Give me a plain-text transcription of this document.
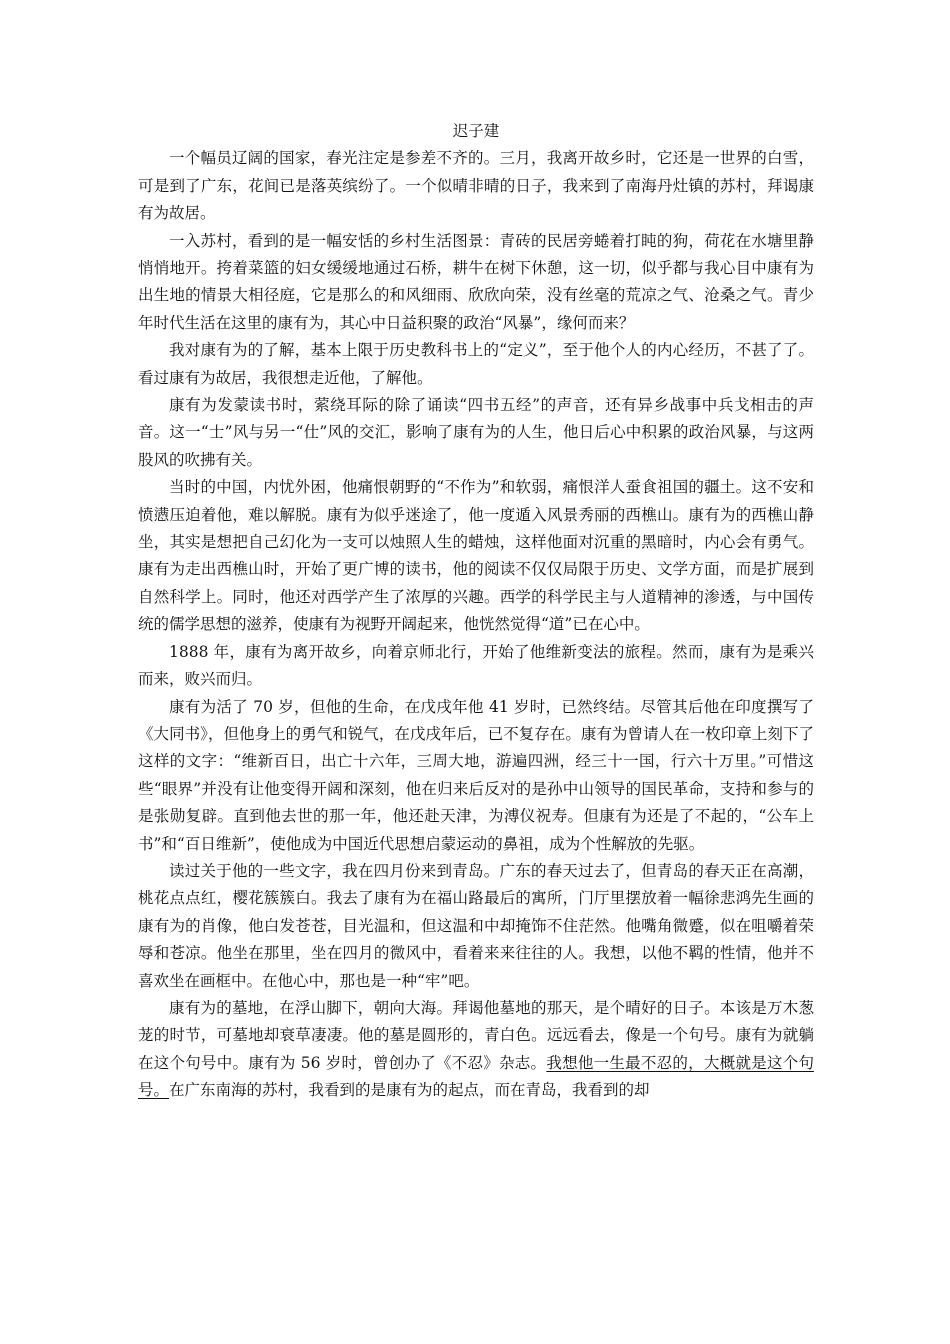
迟子建

一个幅员辽阔的国家，春光注定是参差不齐的。三月，我离开故乡时，它还是一世界的白雪，可是到了广东，花间已是落英缤纷了。一个似晴非晴的日子，我来到了南海丹灶镇的苏村，拜谒康有为故居。

一入苏村，看到的是一幅安恬的乡村生活图景：青砖的民居旁蜷着打盹的狗，荷花在水塘里静悄悄地开。挎着菜篮的妇女缓缓地通过石桥，耕牛在树下休憩，这一切，似乎都与我心目中康有为出生地的情景大相径庭，它是那么的和风细雨、欣欣向荣，没有丝毫的荒凉之气、沧桑之气。青少年时代生活在这里的康有为，其心中日益积聚的政治“风暴”，缘何而来？

我对康有为的了解，基本上限于历史教科书上的“定义”，至于他个人的内心经历，不甚了了。看过康有为故居，我很想走近他，了解他。

康有为发蒙读书时，萦绕耳际的除了诵读“四书五经”的声音，还有异乡战事中兵戈相击的声音。这一“士”风与另一“仕”风的交汇，影响了康有为的人生，他日后心中积累的政治风暴，与这两股风的吹拂有关。

当时的中国，内忧外困，他痛恨朝野的“不作为”和软弱，痛恨洋人蚕食祖国的疆土。这不安和愤懑压迫着他，难以解脱。康有为似乎迷途了，他一度遁入风景秀丽的西樵山。康有为的西樵山静坐，其实是想把自己幻化为一支可以烛照人生的蜡烛，这样他面对沉重的黑暗时，内心会有勇气。康有为走出西樵山时，开始了更广博的读书，他的阅读不仅仅局限于历史、文学方面，而是扩展到自然科学上。同时，他还对西学产生了浓厚的兴趣。西学的科学民主与人道精神的渗透，与中国传统的儒学思想的滋养，使康有为视野开阔起来，他恍然觉得“道”已在心中。

1888 年，康有为离开故乡，向着京师北行，开始了他维新变法的旅程。然而，康有为是乘兴而来，败兴而归。

康有为活了 70 岁，但他的生命，在戊戌年他 41 岁时，已然终结。尽管其后他在印度撰写了《大同书》，但他身上的勇气和锐气，在戊戌年后，已不复存在。康有为曾请人在一枚印章上刻下了这样的文字：“维新百日，出亡十六年，三周大地，游遍四洲，经三十一国，行六十万里。”可惜这些“眼界”并没有让他变得开阔和深刻，他在归来后反对的是孙中山领导的国民革命，支持和参与的是张勋复辟。直到他去世的那一年，他还赴天津，为溥仪祝寿。但康有为还是了不起的，“公车上书”和“百日维新”，使他成为中国近代思想启蒙运动的鼻祖，成为个性解放的先驱。

读过关于他的一些文字，我在四月份来到青岛。广东的春天过去了，但青岛的春天正在高潮，桃花点点红，樱花簇簇白。我去了康有为在福山路最后的寓所，门厅里摆放着一幅徐悲鸿先生画的康有为的肖像，他白发苍苍，目光温和，但这温和中却掩饰不住茫然。他嘴角微蹙，似在咀嚼着荣辱和苍凉。他坐在那里，坐在四月的微风中，看着来来往往的人。我想，以他不羁的性情，他并不喜欢坐在画框中。在他心中，那也是一种“牢”吧。

康有为的墓地，在浮山脚下，朝向大海。拜谒他墓地的那天，是个晴好的日子。本该是万木葱茏的时节，可墓地却衰草凄凄。他的墓是圆形的，青白色。远远看去，像是一个句号。康有为就躺在这个句号中。康有为 56 岁时，曾创办了《不忍》杂志。我想他一生最不忍的，大概就是这个句号。在广东南海的苏村，我看到的是康有为的起点，而在青岛，我看到的却
